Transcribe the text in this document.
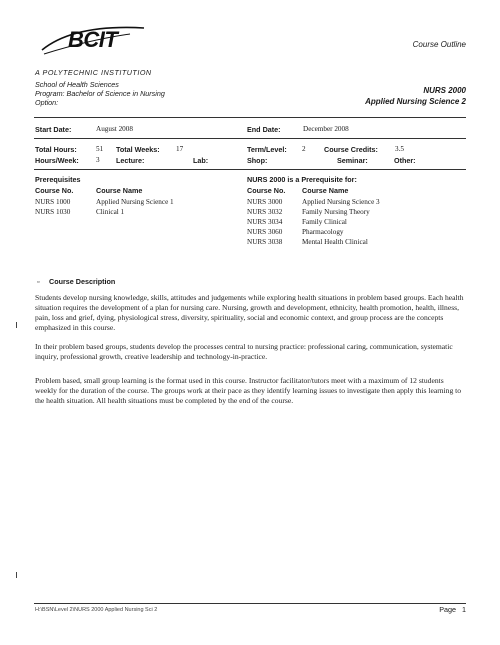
BCIT
A POLYTECHNIC INSTITUTION
Course Outline
School of Health Sciences
Program: Bachelor of Science in Nursing
Option:
NURS 2000
Applied Nursing Science 2
Start Date:	August 2008	End Date:	December 2008
Total Hours:	51 Total Weeks: 17	Term/Level: 2	Course Credits: 3.5
Hours/Week: 3 Lecture:	Lab:	Shop:	Seminar:	Other:
Prerequisites
Course No.	Course Name
NURS 1000	Applied Nursing Science 1
NURS 1030	Clinical 1
NURS 2000 is a Prerequisite for:
Course No. Course Name
NURS 3000	Applied Nursing Science 3
NURS 3032	Family Nursing Theory
NURS 3034	Family Clinical
NURS 3060	Pharmacology
NURS 3038	Mental Health Clinical
▫ Course Description
Students develop nursing knowledge, skills, attitudes and judgements while exploring health situations in problem based groups. Each health situation requires the development of a plan for nursing care. Nursing, growth and development, ethnicity, health promotion, health, illness, pain, loss and grief, dying, physiological stress, diversity, spirituality, social and economic context, and group process are the concepts emphasized in this course.
In their problem based groups, students develop the processes central to nursing practice: professional caring, communication, systematic inquiry, professional growth, creative leadership and technology-in-practice.
Problem based, small group learning is the format used in this course. Instructor facilitator/tutors meet with a maximum of 12 students weekly for the duration of the course. The groups work at their pace as they identify learning issues to investigate then apply this learning to the health situation. All health situations must be completed by the end of the course.
H:\BSN\Level 2\NURS 2000 Applied Nursing Sci 2	Page 1
